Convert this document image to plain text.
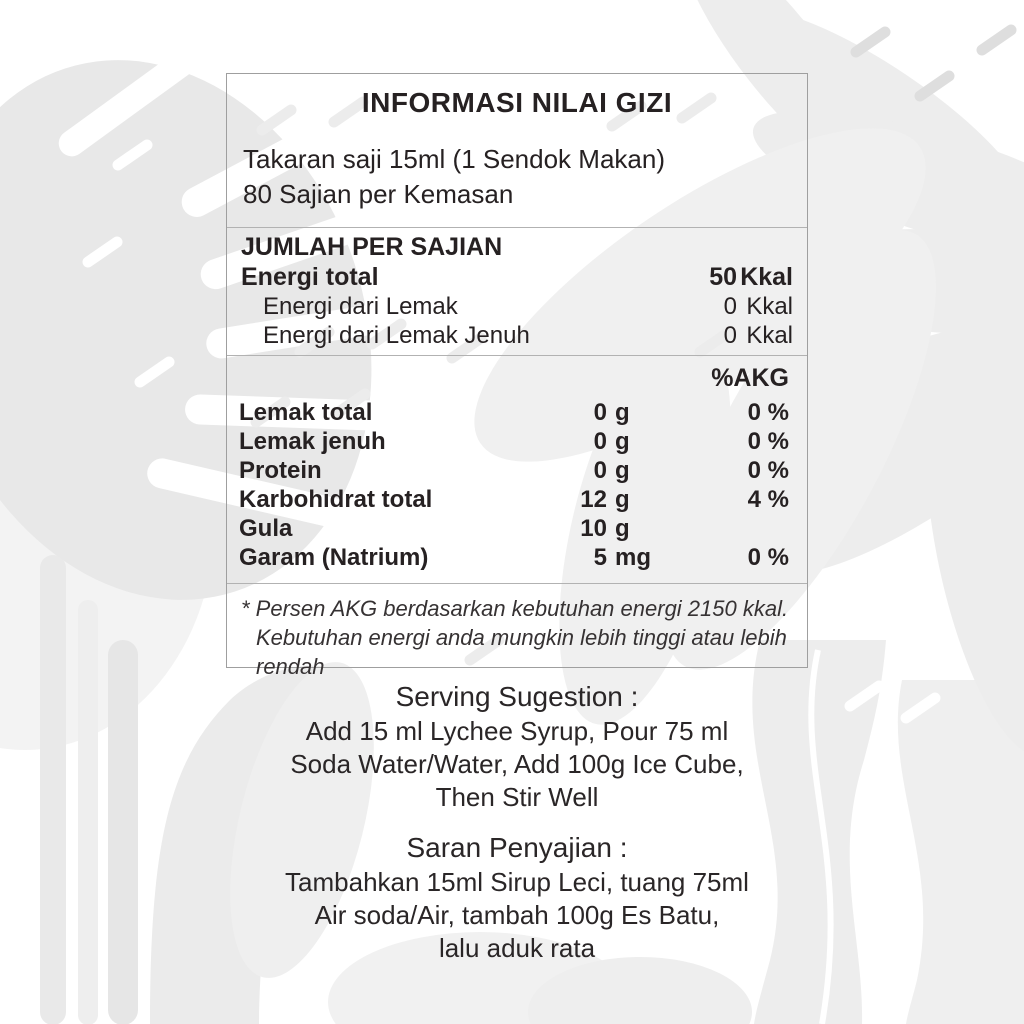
INFORMASI NILAI GIZI
Takaran saji 15ml (1 Sendok Makan)
80 Sajian per Kemasan
JUMLAH PER SAJIAN
Energi total	50 Kkal
Energi dari Lemak	0 Kkal
Energi dari Lemak Jenuh	0 Kkal
%AKG
Lemak total	0 g	0 %
Lemak jenuh	0 g	0 %
Protein	0 g	0 %
Karbohidrat total	12 g	4 %
Gula	10 g
Garam (Natrium)	5 mg	0 %
* Persen AKG berdasarkan kebutuhan energi 2150 kkal.
Kebutuhan energi anda mungkin lebih tinggi atau lebih
rendah
Serving Sugestion :
Add 15 ml Lychee Syrup, Pour 75 ml
Soda Water/Water, Add 100g Ice Cube,
Then Stir Well
Saran Penyajian :
Tambahkan 15ml Sirup Leci, tuang 75ml
Air soda/Air, tambah 100g Es Batu,
lalu aduk rata
